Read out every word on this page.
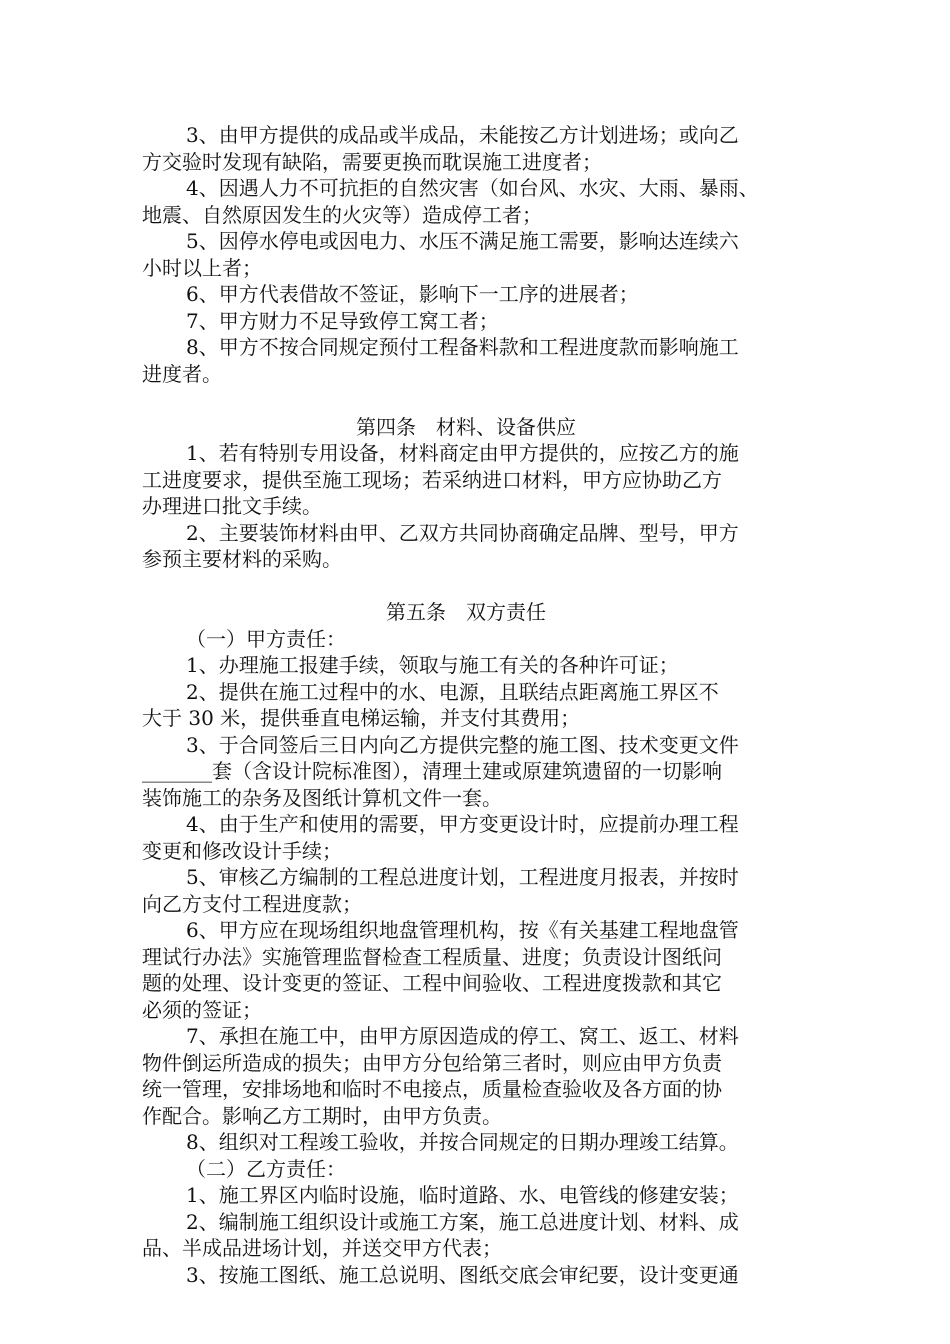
3、由甲方提供的成品或半成品，未能按乙方计划进场；或向乙
方交验时发现有缺陷，需要更换而耽误施工进度者；
4、因遇人力不可抗拒的自然灾害（如台风、水灾、大雨、暴雨、
地震、自然原因发生的火灾等）造成停工者；
5、因停水停电或因电力、水压不满足施工需要，影响达连续六
小时以上者；
6、甲方代表借故不签证，影响下一工序的进展者；
7、甲方财力不足导致停工窝工者；
8、甲方不按合同规定预付工程备料款和工程进度款而影响施工
进度者。
第四条　材料、设备供应
1、若有特别专用设备，材料商定由甲方提供的，应按乙方的施
工进度要求，提供至施工现场；若采纳进口材料，甲方应协助乙方
办理进口批文手续。
2、主要装饰材料由甲、乙双方共同协商确定品牌、型号，甲方
参预主要材料的采购。
第五条　双方责任
（一）甲方责任：
1、办理施工报建手续，领取与施工有关的各种许可证；
2、提供在施工过程中的水、电源，且联结点距离施工界区不
大于 30 米，提供垂直电梯运输，并支付其费用；
3、于合同签后三日内向乙方提供完整的施工图、技术变更文件
_______套（含设计院标准图），清理土建或原建筑遗留的一切影响
装饰施工的杂务及图纸计算机文件一套。
4、由于生产和使用的需要，甲方变更设计时，应提前办理工程
变更和修改设计手续；
5、审核乙方编制的工程总进度计划，工程进度月报表，并按时
向乙方支付工程进度款；
6、甲方应在现场组织地盘管理机构，按《有关基建工程地盘管
理试行办法》实施管理监督检查工程质量、进度；负责设计图纸问
题的处理、设计变更的签证、工程中间验收、工程进度拨款和其它
必须的签证；
7、承担在施工中，由甲方原因造成的停工、窝工、返工、材料
物件倒运所造成的损失；由甲方分包给第三者时，则应由甲方负责
统一管理，安排场地和临时不电接点，质量检查验收及各方面的协
作配合。影响乙方工期时，由甲方负责。
8、组织对工程竣工验收，并按合同规定的日期办理竣工结算。
（二）乙方责任：
1、施工界区内临时设施，临时道路、水、电管线的修建安装；
2、编制施工组织设计或施工方案，施工总进度计划、材料、成
品、半成品进场计划，并送交甲方代表；
3、按施工图纸、施工总说明、图纸交底会审纪要，设计变更通
